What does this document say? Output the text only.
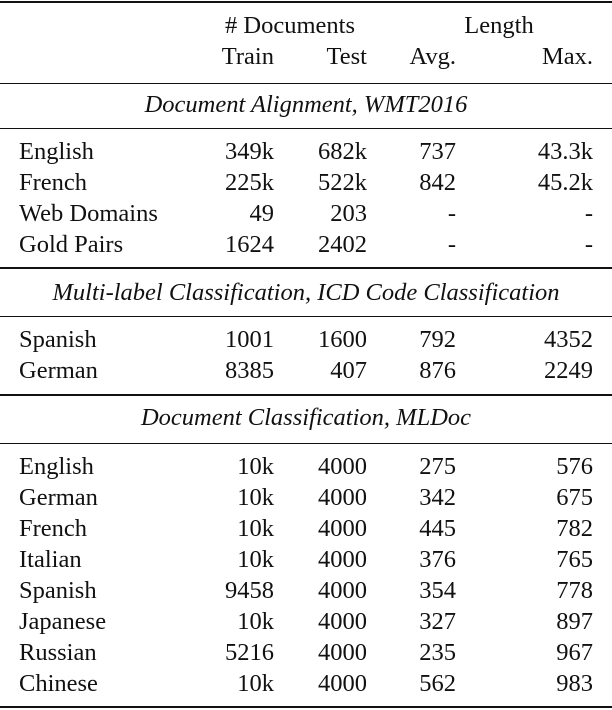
# Documents	Length
Train Test Avg.	Max.
Document Alignment, WMT2016
English	349k 682k 737	43.3k
French	225k 522k 842	45.2k
Web Domains	49 203	-	-
Gold Pairs	1624 2402	-	-
Multi-label Classification, ICD Code Classification
Spanish	1001 1600 792	4352
German	8385 407 876	2249
Document Classification, MLDoc
English	10k 4000 275	576
German	10k 4000 342	675
French	10k 4000 445	782
Italian	10k 4000 376	765
Spanish	9458 4000 354	778
Japanese	10k 4000 327	897
Russian	5216 4000 235	967
Chinese	10k 4000 562	983
